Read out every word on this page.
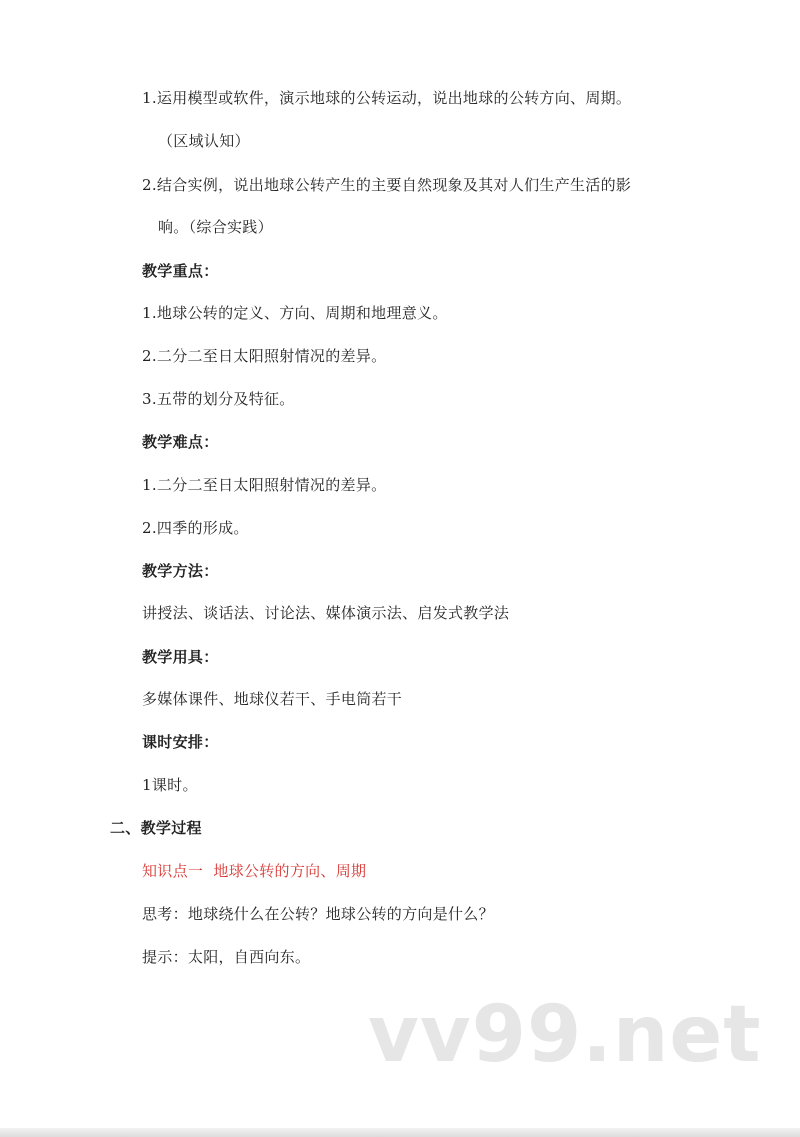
1.运用模型或软件，演示地球的公转运动，说出地球的公转方向、周期。
（区域认知）
2.结合实例，说出地球公转产生的主要自然现象及其对人们生产生活的影
响。（综合实践）
教学重点：
1.地球公转的定义、方向、周期和地理意义。
2.二分二至日太阳照射情况的差异。
3.五带的划分及特征。
教学难点：
1.二分二至日太阳照射情况的差异。
2.四季的形成。
教学方法：
讲授法、谈话法、讨论法、媒体演示法、启发式教学法
教学用具：
多媒体课件、地球仪若干、手电筒若干
课时安排：
1课时。
二、教学过程
知识点一  地球公转的方向、周期
思考：地球绕什么在公转？地球公转的方向是什么？
提示：太阳，自西向东。
vv99.net
